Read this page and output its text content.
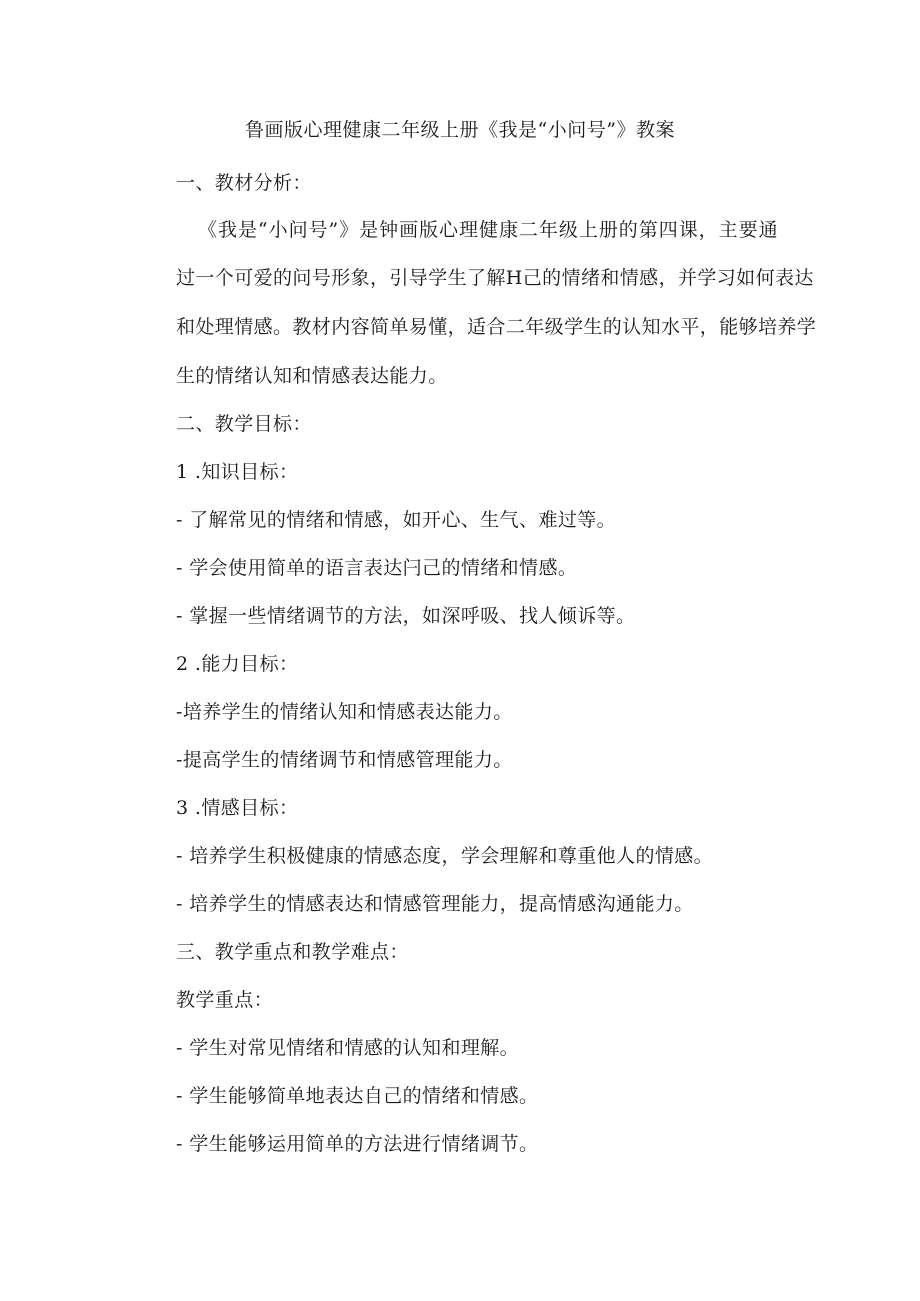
鲁画版心理健康二年级上册《我是“小问号”》教案
一、教材分析：
《我是“小问号”》是钟画版心理健康二年级上册的第四课，主要通
过一个可爱的问号形象，引导学生了解H己的情绪和情感，并学习如何表达
和处理情感。教材内容简单易懂，适合二年级学生的认知水平，能够培养学
生的情绪认知和情感表达能力。
二、教学目标：
1 .知识目标：
- 了解常见的情绪和情感，如开心、生气、难过等。
- 学会使用简单的语言表达闩己的情绪和情感。
- 掌握一些情绪调节的方法，如深呼吸、找人倾诉等。
2 .能力目标：
-培养学生的情绪认知和情感表达能力。
-提高学生的情绪调节和情感管理能力。
3 .情感目标：
- 培养学生积极健康的情感态度，学会理解和尊重他人的情感。
- 培养学生的情感表达和情感管理能力，提高情感沟通能力。
三、教学重点和教学难点：
教学重点：
- 学生对常见情绪和情感的认知和理解。
- 学生能够简单地表达自己的情绪和情感。
- 学生能够运用简单的方法进行情绪调节。
